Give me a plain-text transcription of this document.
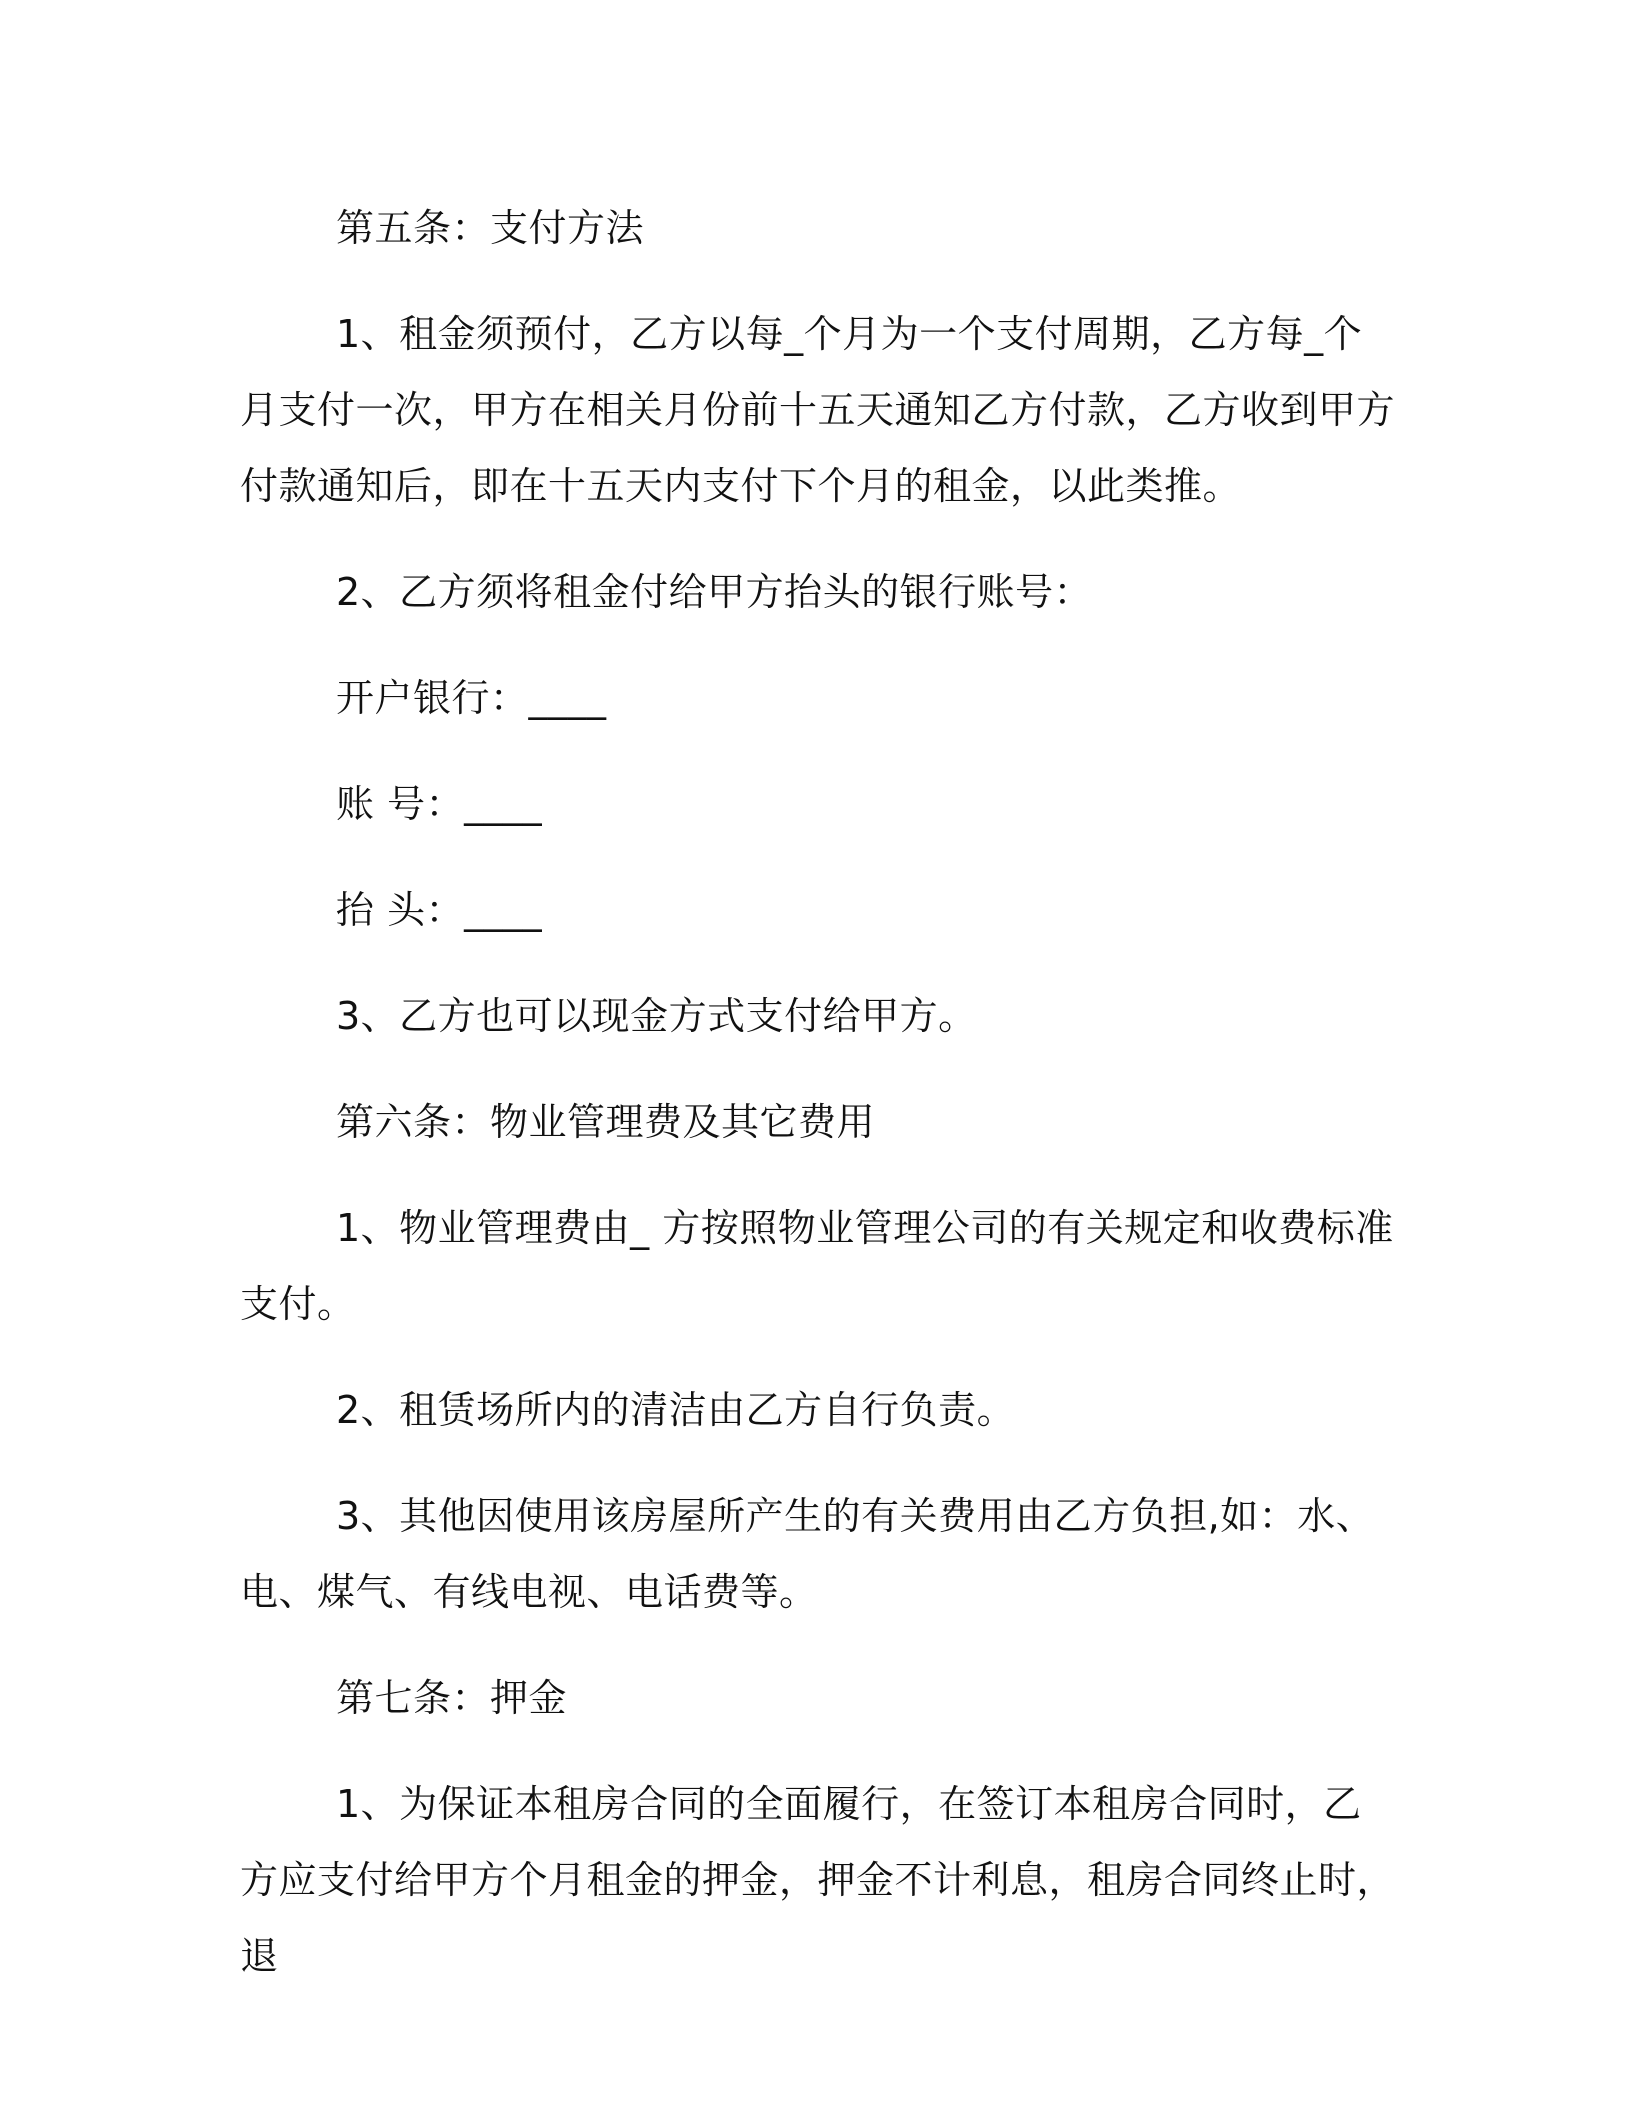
第五条：支付方法

1、租金须预付，乙方以每_个月为一个支付周期，乙方每_个月支付一次，甲方在相关月份前十五天通知乙方付款，乙方收到甲方付款通知后，即在十五天内支付下个月的租金，以此类推。

2、乙方须将租金付给甲方抬头的银行账号：

开户银行：____

账 号：____

抬 头：____

3、乙方也可以现金方式支付给甲方。

第六条：物业管理费及其它费用

1、物业管理费由_ 方按照物业管理公司的有关规定和收费标准支付。

2、租赁场所内的清洁由乙方自行负责。

3、其他因使用该房屋所产生的有关费用由乙方负担,如：水、电、煤气、有线电视、电话费等。

第七条：押金

1、为保证本租房合同的全面履行，在签订本租房合同时，乙方应支付给甲方个月租金的押金，押金不计利息，租房合同终止时，退
